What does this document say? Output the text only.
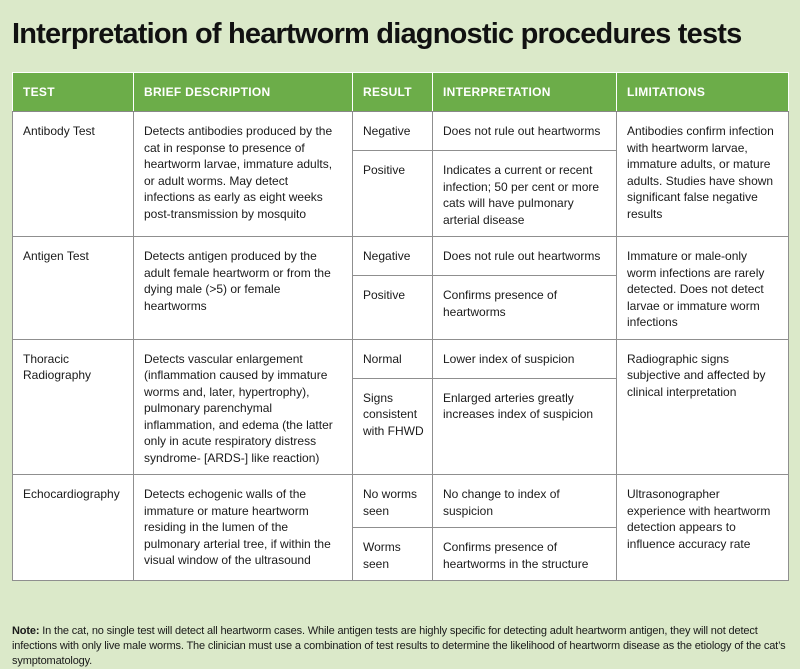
Interpretation of heartworm diagnostic procedures tests
TEST	BRIEF DESCRIPTION	RESULT	INTERPRETATION	LIMITATIONS
Antibody Test	Detects antibodies produced by the cat in response to presence of heartworm larvae, immature adults, or adult worms. May detect infections as early as eight weeks post-transmission by mosquito	Negative	Does not rule out heartworms	Antibodies confirm infection with heartworm larvae, immature adults, or mature adults. Studies have shown significant false negative results
		Positive	Indicates a current or recent infection; 50 per cent or more cats will have pulmonary arterial disease	
Antigen Test	Detects antigen produced by the adult female heartworm or from the dying male (>5) or female heartworms	Negative	Does not rule out heartworms	Immature or male-only worm infections are rarely detected. Does not detect larvae or immature worm infections
		Positive	Confirms presence of heartworms	
Thoracic Radiography	Detects vascular enlargement (inflammation caused by immature worms and, later, hypertrophy), pulmonary parenchymal inflammation, and edema (the latter only in acute respiratory distress syndrome- [ARDS-] like reaction)	Normal	Lower index of suspicion	Radiographic signs subjective and affected by clinical interpretation
		Signs consistent with FHWD	Enlarged arteries greatly increases index of suspicion	
Echocardiography	Detects echogenic walls of the immature or mature heartworm residing in the lumen of the pulmonary arterial tree, if within the visual window of the ultrasound	No worms seen	No change to index of suspicion	Ultrasonographer experience with heartworm detection appears to influence accuracy rate
		Worms seen	Confirms presence of heartworms in the structure	
Note: In the cat, no single test will detect all heartworm cases. While antigen tests are highly specific for detecting adult heartworm antigen, they will not detect infections with only live male worms. The clinician must use a combination of test results to determine the likelihood of heartworm disease as the etiology of the cat’s symptomatology.
